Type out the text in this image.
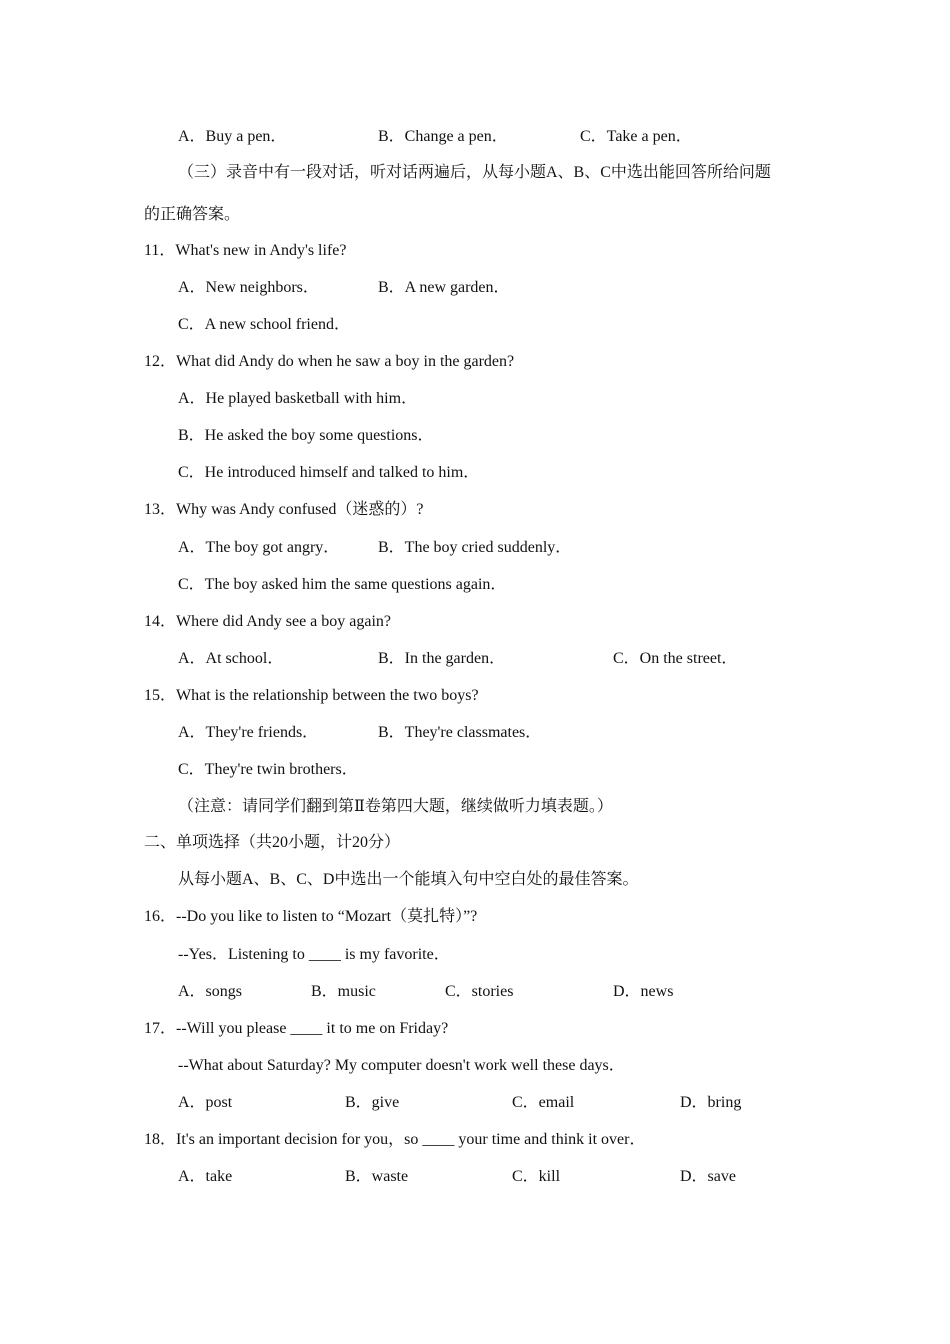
A．Buy a pen．	B．Change a pen．	C．Take a pen．
（三）录音中有一段对话，听对话两遍后，从每小题A、B、C中选出能回答所给问题
的正确答案。
11．What's new in Andy's life?
A．New neighbors．	B．A new garden．
C．A new school friend．
12．What did Andy do when he saw a boy in the garden?
A．He played basketball with him．
B．He asked the boy some questions．
C．He introduced himself and talked to him．
13．Why was Andy confused（迷惑的）?
A．The boy got angry． B．The boy cried suddenly．
C．The boy asked him the same questions again．
14．Where did Andy see a boy again?
A．At school．	B．In the garden．	C．On the street．
15．What is the relationship between the two boys?
A．They're friends．	B．They're classmates．
C．They're twin brothers．
（注意：请同学们翻到第Ⅱ卷第四大题，继续做听力填表题。）
二、单项选择（共20小题，计20分）
从每小题A、B、C、D中选出一个能填入句中空白处的最佳答案。
16．--Do you like to listen to “Mozart（莫扎特）”?
--Yes．Listening to ____ is my favorite．
A．songs	B．music	C．stories	D．news
17．--Will you please ____ it to me on Friday?
--What about Saturday? My computer doesn't work well these days．
A．post	B．give	C．email	D．bring
18．It's an important decision for you，so ____ your time and think it over．
A．take	B．waste	C．kill	D．save
